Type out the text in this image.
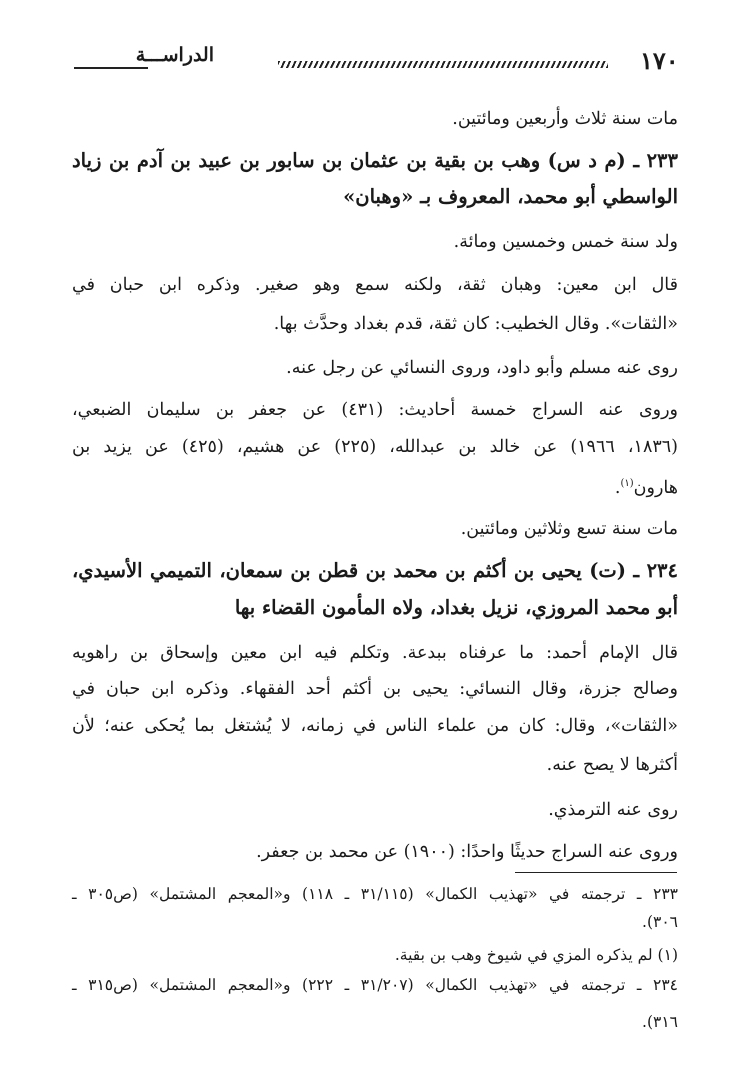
١٧٠
الدراســـة
مات سنة ثلاث وأربعين ومائتين.
٢٣٣ ـ (م د س) وهب بن بقية بن عثمان بن سابور بن عبيد بن آدم بن زياد
الواسطي أبو محمد، المعروف بـ «وهبان»
ولد سنة خمس وخمسين ومائة.
قال ابن معين: وهبان ثقة، ولكنه سمع وهو صغير. وذكره ابن حبان في
«الثقات». وقال الخطيب: كان ثقة، قدم بغداد وحدَّث بها.
روى عنه مسلم وأبو داود، وروى النسائي عن رجل عنه.
وروى عنه السراج خمسة أحاديث: (٤٣١) عن جعفر بن سليمان الضبعي،
(١٨٣٦، ١٩٦٦) عن خالد بن عبدالله، (٢٢٥) عن هشيم، (٤٢٥) عن يزيد بن
هارون$^{(١)}$.
مات سنة تسع وثلاثين ومائتين.
٢٣٤ ـ (ت) يحيى بن أكثم بن محمد بن قطن بن سمعان، التميمي الأسيدي،
أبو محمد المروزي، نزيل بغداد، ولاه المأمون القضاء بها
قال الإمام أحمد: ما عرفناه ببدعة. وتكلم فيه ابن معين وإسحاق بن راهويه
وصالح جزرة، وقال النسائي: يحيى بن أكثم أحد الفقهاء. وذكره ابن حبان في
«الثقات»، وقال: كان من علماء الناس في زمانه، لا يُشتغل بما يُحكى عنه؛ لأن
أكثرها لا يصح عنه.
روى عنه الترمذي.
وروى عنه السراج حديثًا واحدًا: (١٩٠٠) عن محمد بن جعفر.
٢٣٣ ـ ترجمته في «تهذيب الكمال» (٣١/١١٥ ـ ١١٨) و«المعجم المشتمل» (ص٣٠٥ ـ
٣٠٦).
(١) لم يذكره المزي في شيوخ وهب بن بقية.
٢٣٤ ـ ترجمته في «تهذيب الكمال» (٣١/٢٠٧ ـ ٢٢٢) و«المعجم المشتمل» (ص٣١٥ ـ
٣١٦).
